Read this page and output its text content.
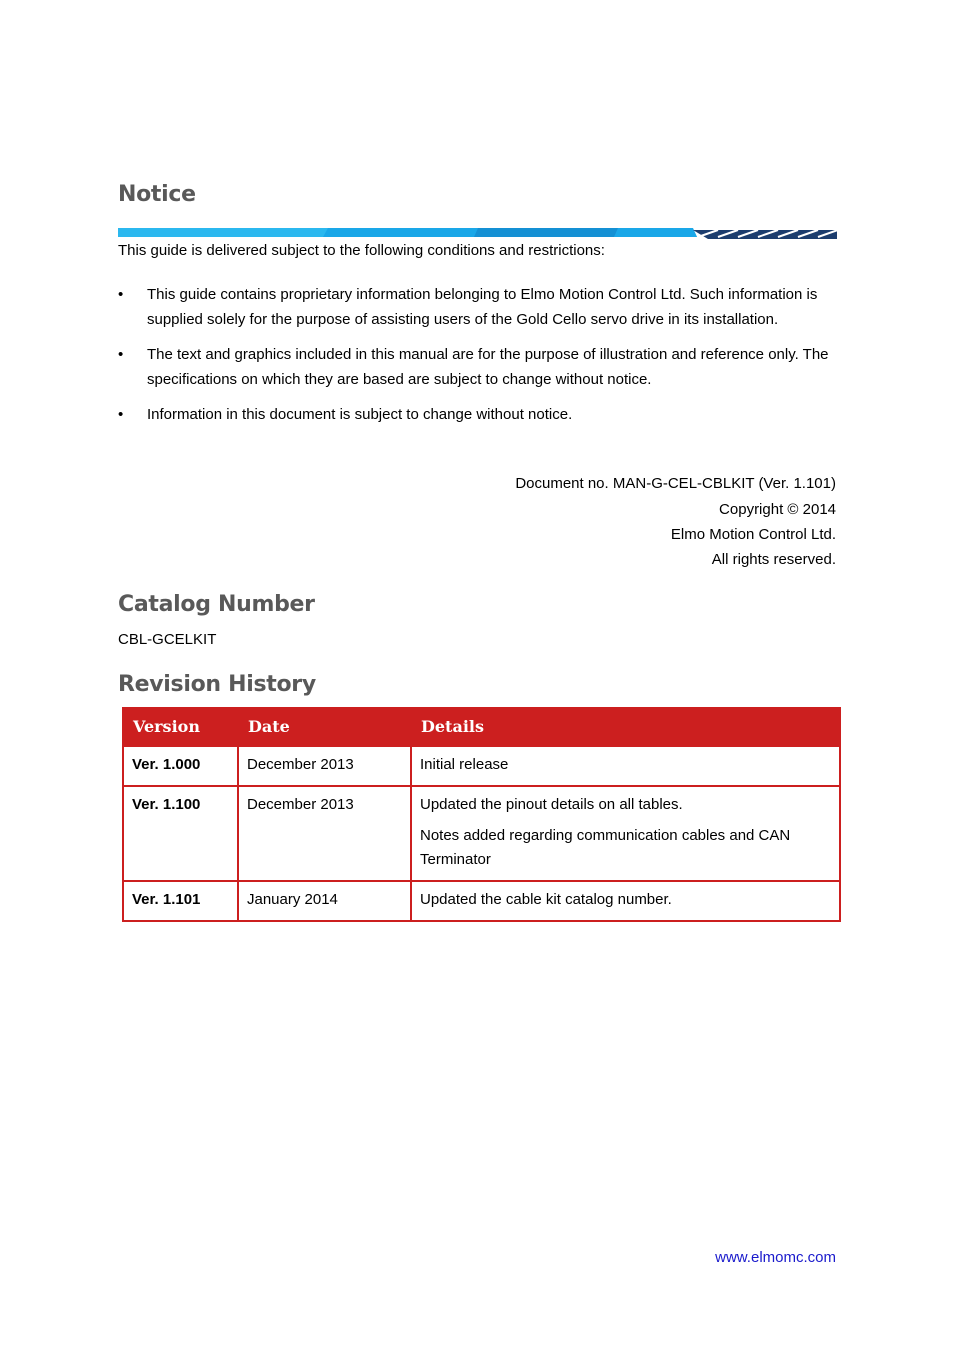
Notice

This guide is delivered subject to the following conditions and restrictions:

• This guide contains proprietary information belonging to Elmo Motion Control Ltd. Such information is supplied solely for the purpose of assisting users of the Gold Cello servo drive in its installation.
• The text and graphics included in this manual are for the purpose of illustration and reference only. The specifications on which they are based are subject to change without notice.
• Information in this document is subject to change without notice.

Document no. MAN-G-CEL-CBLKIT (Ver. 1.101)

Copyright © 2014

Elmo Motion Control Ltd.

All rights reserved.

Catalog Number

CBL-GCELKIT

Revision History
Version	Date	Details
Ver. 1.000	December 2013	Initial release

Ver. 1.100	December 2013	Updated the pinout details on all tables.
Notes added regarding communication cables and CAN Terminator

Ver. 1.101	January 2014	Updated the cable kit catalog number.
www.elmomc.com
